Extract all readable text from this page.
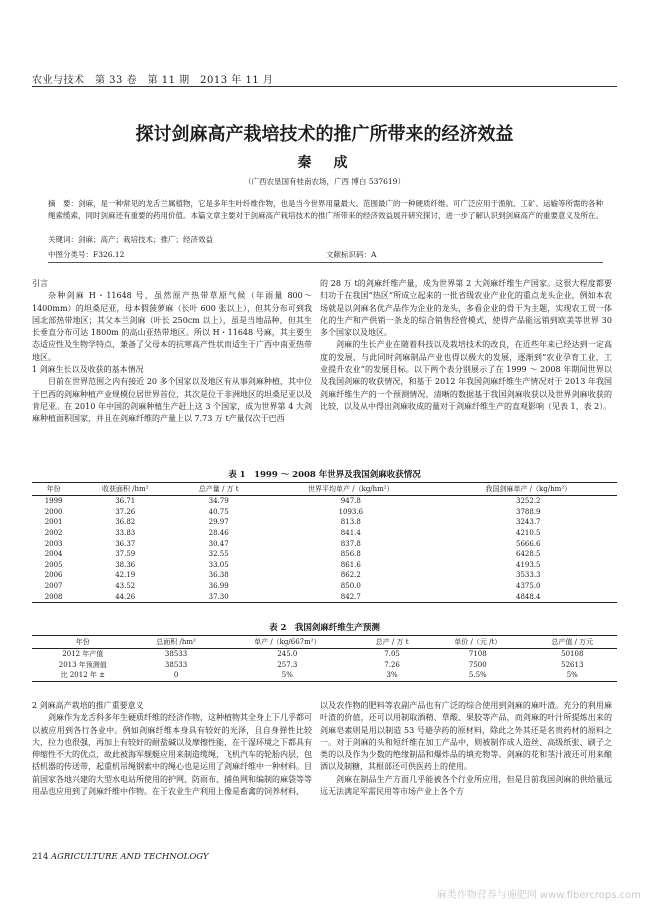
农业与技术　第 33 卷　第 11 期　2013 年 11 月
探讨剑麻高产栽培技术的推广所带来的经济效益
秦　成
（广西农垦国有桂南农场，广西 博白 537619）
摘　要：剑麻，是一种常见的龙舌兰属植物，它是多年生叶纤维作物，也是当今世界用量最大、范围最广的一种硬质纤维。可广泛应用于渔航、工矿、运输等所需的各种绳索缆索，同时剑麻还有重要的药用价值。本篇文章主要对于剑麻高产栽培技术的推广所带来的经济效益展开研究探讨，进一步了解认识到剑麻高产的重要意义及所在。
关键词：剑麻；高产；栽培技术；推广；经济效益
中图分类号：F326.12	文献标识码：A

引言

杂种剑麻 H・11648 号，虽然原产热带草原气候（年雨量 800～1400mm）的坦桑尼亚，母本假菠萝麻（长叶 600 张以上），但其分布可到我国北部热带地区；其父本兰剑麻（叶长 250cm 以上），虽是当地品种，但其生长垂直分布可达 1800m 的高山亚热带地区。所以 H・11648 号麻，其主要生态适应性及生物学特点，兼备了父母本的抗寒高产性状而适生于广西中南亚热带地区。

1 剑麻生长以及收获的基本情况

目前在世界范围之内有接近 20 多个国家以及地区有从事剑麻种植，其中位于巴西的剑麻种植产业规模位居世界首位，其次是位于非洲地区的坦桑尼亚以及肯尼亚。在 2010 年中国的剑麻种植生产赶上这 3 个国家，成为世界第 4 大剑麻种植面积国家，并且在剑麻纤维的产量上以 7.73 万 t产量仅次于巴西

的 28 万 t的剑麻纤维产量，成为世界第 2 大剑麻纤维生产国家。这很大程度都要归功于在我国“热区”所成立起来的一批省级农业产业化的重点龙头企业，例如本农场就是以剑麻名优产品作为企业的龙头，多看企业的骨干为主题，实现农工贸一体化的生产和产供销一条龙的综合销售经营模式，使得产品能远销到欧美等世界 30 多个国家以及地区。

剑麻的生长产业在随着科技以及栽培技术的改良，在近些年来已经达到一定高度的发展，与此同时剑麻制品产业也得以极大的发展，逐渐到“农业孕育工业，工业提升农业”的发展目标。以下两个表分别展示了在 1999 ～ 2008 年期间世界以及我国剑麻的收获情况，和基于 2012 年我国剑麻纤维生产情况对于 2013 年我国剑麻纤维生产的一个预测情况。清晰的数据基于我国剑麻收获以及世界剑麻收获的比较，以及从中得出剑麻收成的量对于剑麻纤维生产的直观影响（见表 1、表 2）。

表 1　1999 ～ 2008 年世界及我国剑麻收获情况
年份	收获面积 /hm²	总产量 / 万 t	世界平均单产 /（kg/hm²）	我国剑麻单产 /（kg/hm²）
1999	36.71	34.79	947.8	3252.2
2000	37.26	40.75	1093.6	3788.9
2001	36.82	29.97	813.8	3243.7
2002	33.83	28.46	841.4	4210.5
2003	36.37	30.47	837.8	5666.6
2004	37.59	32.55	856.8	6428.5
2005	38.36	33.05	861.6	4193.5
2006	42.19	36.38	862.2	3533.3
2007	43.52	36.99	850.0	4375.0
2008	44.26	37.30	842.7	4848.4
表 2　我国剑麻纤维生产预测
年份	总面积 /hm²	单产 /（kg/667m²）	总产 / 万 t	单价 /（元 /t）	总产值 / 万元
2012 年产值	38533	245.0	7.05	7108	50108
2013 年预测值	38533	257.3	7.26	7500	52613
比 2012 年 ±	0	5%	3%	5.5%	5%

2 剑麻高产栽培的推广重要意义

剑麻作为龙舌科多年生硬质纤维的经济作物，这种植物其全身上下几乎都可以被应用到各行各业中。例如剑麻纤维本身具有较好的光泽，且自身弹性比较大，拉力也很强，再加上有较好的耐盐碱以及摩擦性能，在干湿环境之下都具有伸缩性不大的优点，故此被海军舰艇应用来制造缆绳，飞机汽车的轮胎内层，包括机器的传送带，起重机吊绳钢索中的绳心也是运用了剑麻纤维中一种材料。目前国家各地兴建的大型水电站所使用的护网、防雨布、捕鱼网和编制的麻袋等等用品也应用到了剑麻纤维中作物。在于农业生产利用上像是畜禽的饲养材料，

以及农作物的肥料等农副产品也有广泛的综合使用到剑麻的麻叶渣。充分的利用麻叶渣的价值，还可以用制取酒精、草酸、果胶等产品，而剑麻的叶汁所提炼出来的剑麻皂素则是用以制造 53 号避孕药的原材料，除此之外其还是名贵药材的原料之一。对于剑麻的头和短纤维在加工产品中，则被制作成人造丝、高级纸张、刷子之类的以及作为少数的绝缘制品和爆炸品的填充物等。剑麻的花和茎汁液还可用来酿酒以及制糖，其根部还可供医药上的使用。

剑麻在制品生产方面几乎能被各个行业所应用，但是目前我国剑麻的供给量远远无法满足军需民用等市场产业上各个方

214 AGRICULTURE AND TECHNOLOGY
麻类作物营养与施肥网 www.fibercrops.com
